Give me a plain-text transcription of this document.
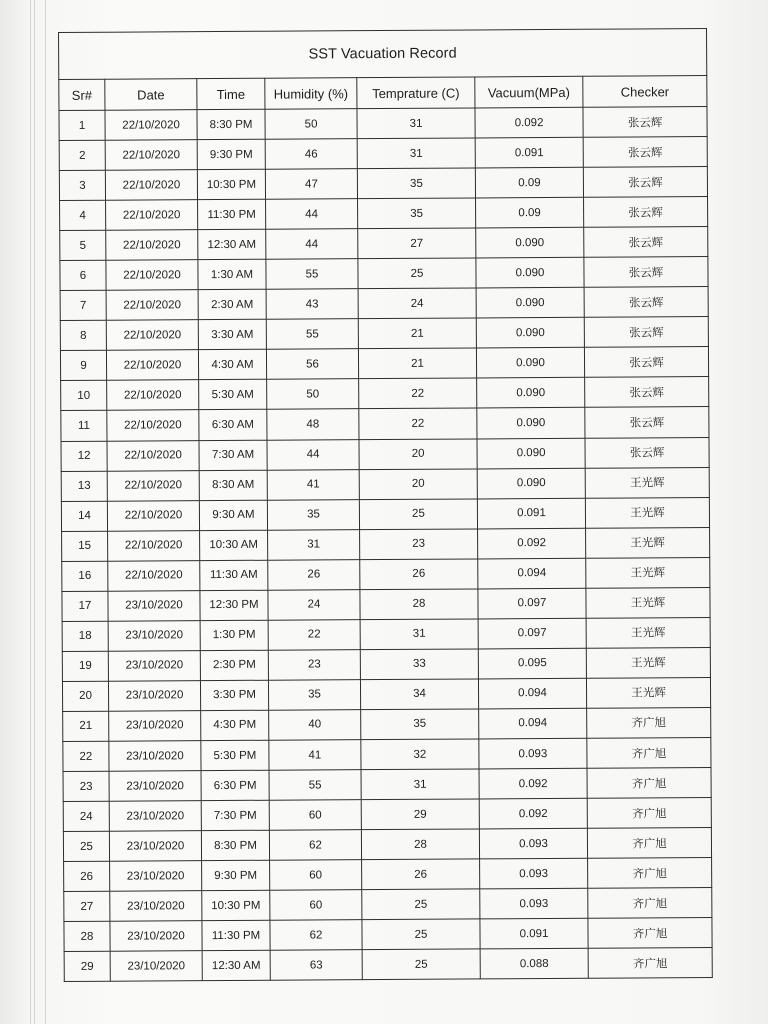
SST Vacuation Record						
Sr#	Date	Time	Humidity (%)	Temprature (C)	Vacuum(MPa)	Checker
1	22/10/2020	8:30 PM	50	31	0.092	张云辉
2	22/10/2020	9:30 PM	46	31	0.091	张云辉
3	22/10/2020	10:30 PM	47	35	0.09	张云辉
4	22/10/2020	11:30 PM	44	35	0.09	张云辉
5	22/10/2020	12:30 AM	44	27	0.090	张云辉
6	22/10/2020	1:30 AM	55	25	0.090	张云辉
7	22/10/2020	2:30 AM	43	24	0.090	张云辉
8	22/10/2020	3:30 AM	55	21	0.090	张云辉
9	22/10/2020	4:30 AM	56	21	0.090	张云辉
10	22/10/2020	5:30 AM	50	22	0.090	张云辉
11	22/10/2020	6:30 AM	48	22	0.090	张云辉
12	22/10/2020	7:30 AM	44	20	0.090	张云辉
13	22/10/2020	8:30 AM	41	20	0.090	王光辉
14	22/10/2020	9:30 AM	35	25	0.091	王光辉
15	22/10/2020	10:30 AM	31	23	0.092	王光辉
16	22/10/2020	11:30 AM	26	26	0.094	王光辉
17	23/10/2020	12:30 PM	24	28	0.097	王光辉
18	23/10/2020	1:30 PM	22	31	0.097	王光辉
19	23/10/2020	2:30 PM	23	33	0.095	王光辉
20	23/10/2020	3:30 PM	35	34	0.094	王光辉
21	23/10/2020	4:30 PM	40	35	0.094	齐广旭
22	23/10/2020	5:30 PM	41	32	0.093	齐广旭
23	23/10/2020	6:30 PM	55	31	0.092	齐广旭
24	23/10/2020	7:30 PM	60	29	0.092	齐广旭
25	23/10/2020	8:30 PM	62	28	0.093	齐广旭
26	23/10/2020	9:30 PM	60	26	0.093	齐广旭
27	23/10/2020	10:30 PM	60	25	0.093	齐广旭
28	23/10/2020	11:30 PM	62	25	0.091	齐广旭
29	23/10/2020	12:30 AM	63	25	0.088	齐广旭
